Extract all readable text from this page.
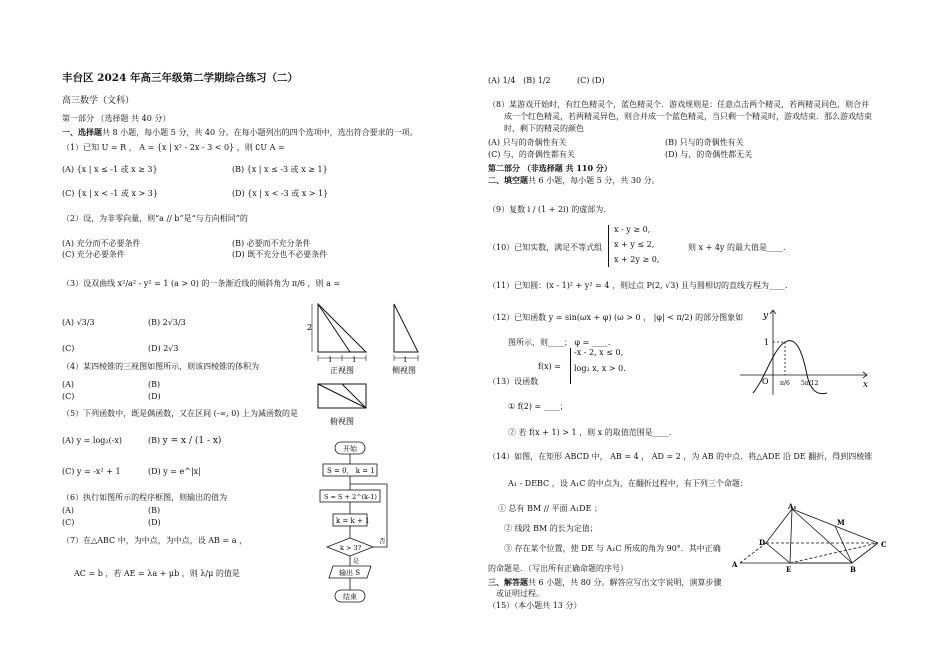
丰台区 2024 年高三年级第二学期综合练习（二）
高三数学（文科）
第一部分 （选择题 共 40 分）
一、选择题共 8 小题，每小题 5 分，共 40 分。在每小题列出的四个选项中，选出符合要求的一项。
（1）已知 U = R ， A = {x | x² - 2x - 3 < 0} ，则 ∁U A =
(A) {x | x ≤ -1 或 x ≥ 3}	(B) {x | x ≤ -3 或 x ≥ 1}
(C) {x | x < -1 或 x > 3}	(D) {x | x < -3 或 x > 1}
（2）设，为非零向量，则“a // b”是“与方向相同”的
(A) 充分而不必要条件	(B) 必要而不充分条件
(C) 充分必要条件	(D) 既不充分也不必要条件
（3）设双曲线 x²/a² - y² = 1 (a > 0) 的一条渐近线的倾斜角为 π/6 ，则 a =
(A) √3/3	(B) 2√3/3
(C)	(D) 2√3
（4）某四棱锥的三视图如图所示，则该四棱锥的体积为
(A)	(B)
(C)	(D)
（5）下列函数中，既是偶函数，又在区间 (-∞, 0) 上为减函数的是
(A) y = log₂(-x)	(B) y = x / (1 - x)
(C) y = -x² + 1	(D) y = e^|x|
（6）执行如图所示的程序框图，则输出的值为
(A)	(B)
(C)	(D)
（7）在△ABC 中，为中点，为中点，设 AB = a ，
AC = b ，若 AE = λa + μb ，则 λ/μ 的值是
2
1	1
正视图
1
侧视图
俯视图
开始
S = 0， k = 1
S = S + 2^(k-1)
k = k + 1
k > 3?
否
是
输出 S
结束
(A) 1/4 (B) 1/2	(C) (D)
（8）某游戏开始时，有红色精灵个，蓝色精灵个．游戏规则是：任意点击两个精灵，若两精灵同色，则合并
成一个红色精灵，若两精灵异色，则合并成一个蓝色精灵，当只剩一个精灵时，游戏结束．那么游戏结束
时，剩下的精灵的颜色
(A) 只与的奇偶性有关	(B) 只与的奇偶性有关
(C) 与，的奇偶性都有关	(D) 与，的奇偶性都无关
第二部分 （非选择题 共 110 分）
二、填空题共 6 小题，每小题 5 分，共 30 分。
（9）复数 i / (1 + 2i) 的虚部为．
（10）已知实数，满足不等式组
x - y ≥ 0,
x + y ≤ 2,
x + 2y ≥ 0,
则 x + 4y 的最大值是____.
（11）已知圆：(x - 1)² + y² = 4 ，则过点 P(2, √3) 且与圆相切的直线方程为____.
（12）已知函数 y = sin(ωx + φ) (ω > 0 ， |φ| < π/2) 的部分图象如
图所示，则____； φ = ____.
（13）设函数
f(x) =
-x - 2, x ≤ 0,
log₂ x, x > 0.
① f(2) = ____；
② 若 f(x + 1) > 1 ，则 x 的取值范围是____.
（14）如图，在矩形 ABCD 中， AB = 4 ， AD = 2 ，为 AB 的中点．将△ADE 沿 DE 翻折，得到四棱锥
A₁ - DEBC ，设 A₁C 的中点为，在翻折过程中，有下列三个命题：
① 总有 BM // 平面 A₁DE ；
② 线段 BM 的长为定值；
③ 存在某个位置，使 DE 与 A₁C 所成的角为 90°．其中正确
的命题是．（写出所有正确命题的序号）
三、解答题共 6 小题，共 80 分。解答应写出文字说明，演算步骤
或证明过程。
（15）（本小题共 13 分）
y
x
O
1
π/6 5π/12
A₁
M
D	C
A
E	B
